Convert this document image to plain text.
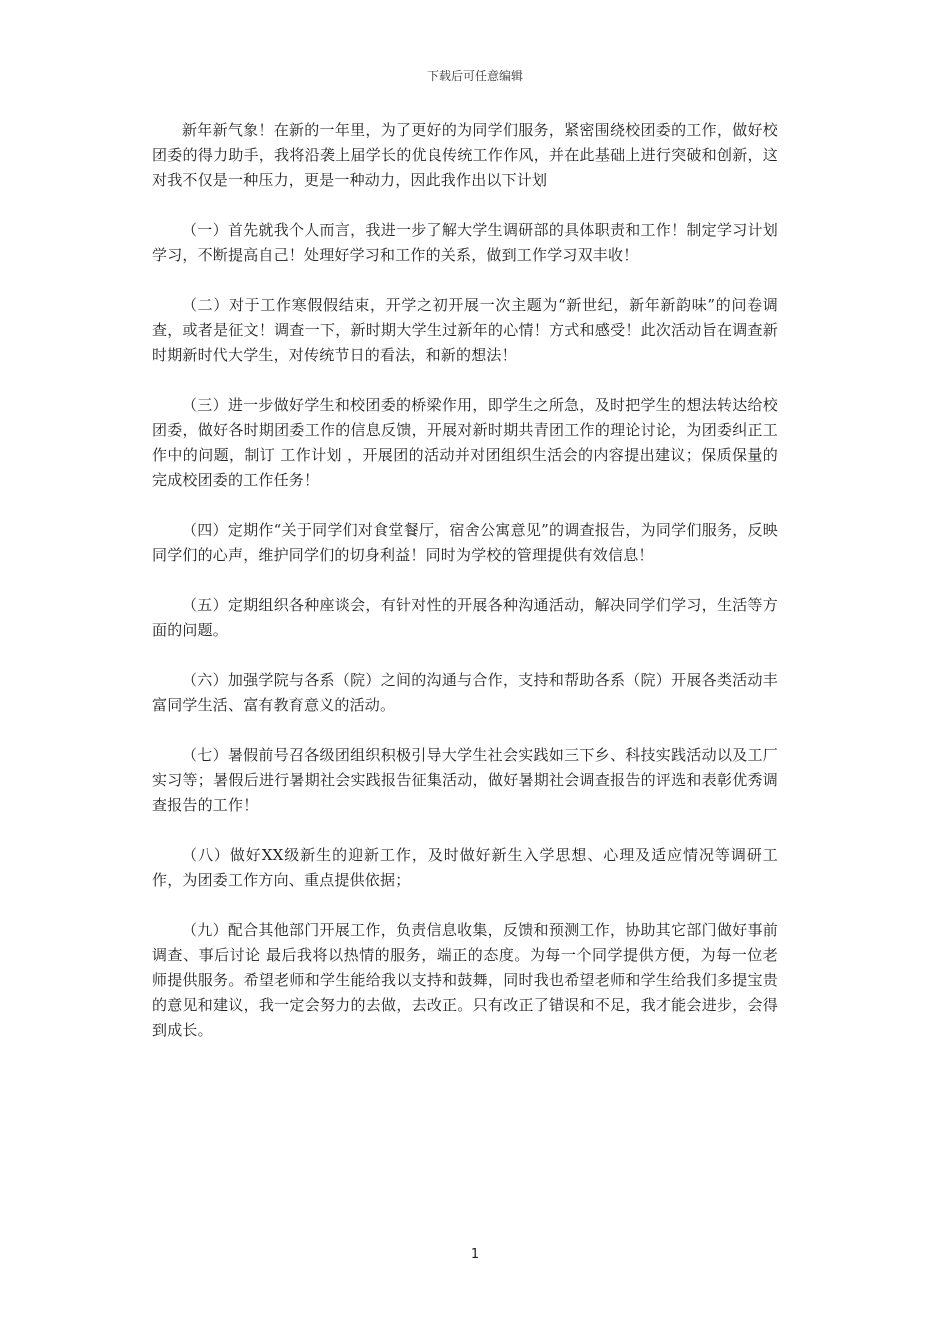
下载后可任意编辑

新年新气象！在新的一年里，为了更好的为同学们服务，紧密围绕校团委的工作，做好校团委的得力助手，我将沿袭上届学长的优良传统工作作风，并在此基础上进行突破和创新，这对我不仅是一种压力，更是一种动力，因此我作出以下计划

（一）首先就我个人而言，我进一步了解大学生调研部的具体职责和工作！制定学习计划学习，不断提高自己！处理好学习和工作的关系，做到工作学习双丰收！

（二）对于工作寒假假结束，开学之初开展一次主题为“新世纪，新年新韵味”的问卷调查，或者是征文！调查一下，新时期大学生过新年的心情！方式和感受！此次活动旨在调查新时期新时代大学生，对传统节日的看法，和新的想法！

（三）进一步做好学生和校团委的桥梁作用，即学生之所急，及时把学生的想法转达给校团委，做好各时期团委工作的信息反馈，开展对新时期共青团工作的理论讨论，为团委纠正工作中的问题，制订 工作计划 ，开展团的活动并对团组织生活会的内容提出建议；保质保量的完成校团委的工作任务！

（四）定期作“关于同学们对食堂餐厅，宿舍公寓意见”的调查报告，为同学们服务，反映同学们的心声，维护同学们的切身利益！同时为学校的管理提供有效信息！

（五）定期组织各种座谈会，有针对性的开展各种沟通活动，解决同学们学习，生活等方面的问题。

（六）加强学院与各系（院）之间的沟通与合作，支持和帮助各系（院）开展各类活动丰富同学生活、富有教育意义的活动。

（七）暑假前号召各级团组织积极引导大学生社会实践如三下乡、科技实践活动以及工厂实习等；暑假后进行暑期社会实践报告征集活动，做好暑期社会调查报告的评选和表彰优秀调查报告的工作！

（八）做好XX级新生的迎新工作，及时做好新生入学思想、心理及适应情况等调研工作，为团委工作方向、重点提供依据；

（九）配合其他部门开展工作，负责信息收集，反馈和预测工作，协助其它部门做好事前调查、事后讨论 最后我将以热情的服务，端正的态度。为每一个同学提供方便，为每一位老师提供服务。希望老师和学生能给我以支持和鼓舞，同时我也希望老师和学生给我们多提宝贵的意见和建议，我一定会努力的去做，去改正。只有改正了错误和不足，我才能会进步，会得到成长。

1
